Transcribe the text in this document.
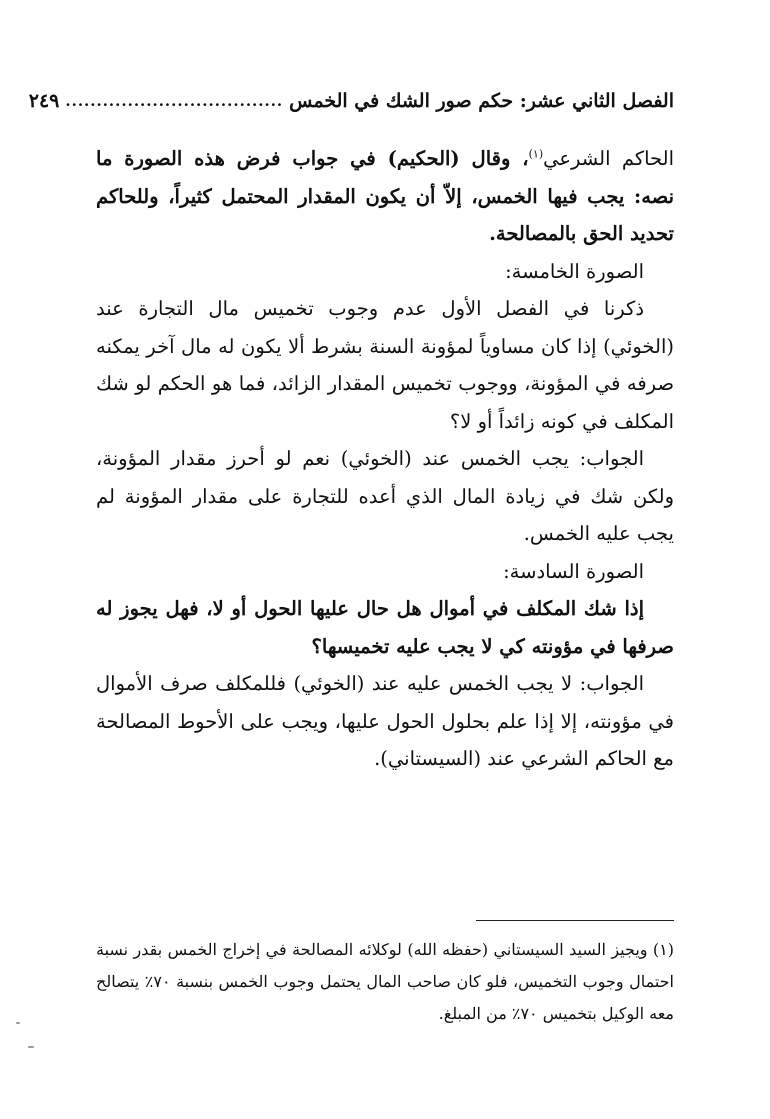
الفصل الثاني عشر: حكم صور الشك في الخمس
...................................
٢٤٩

الحاكم الشرعي$^{(١)}$، وقال (الحكيم) في جواب فرض هذه الصورة ما نصه: يجب فيها الخمس، إلاّ أن يكون المقدار المحتمل كثيراً، وللحاكم تحديد الحق بالمصالحة.

الصورة الخامسة:

ذكرنا في الفصل الأول عدم وجوب تخميس مال التجارة عند (الخوئي) إذا كان مساوياً لمؤونة السنة بشرط ألا يكون له مال آخر يمكنه صرفه في المؤونة، ووجوب تخميس المقدار الزائد، فما هو الحكم لو شك المكلف في كونه زائداً أو لا؟

الجواب: يجب الخمس عند (الخوئي) نعم لو أحرز مقدار المؤونة، ولكن شك في زيادة المال الذي أعده للتجارة على مقدار المؤونة لم يجب عليه الخمس.

الصورة السادسة:

إذا شك المكلف في أموال هل حال عليها الحول أو لا، فهل يجوز له صرفها في مؤونته كي لا يجب عليه تخميسها؟

الجواب: لا يجب الخمس عليه عند (الخوئي) فللمكلف صرف الأموال في مؤونته، إلا إذا علم بحلول الحول عليها، ويجب على الأحوط المصالحة مع الحاكم الشرعي عند (السيستاني).

(١) ويجيز السيد السيستاني (حفظه الله) لوكلائه المصالحة في إخراج الخمس بقدر نسبة احتمال وجوب التخميس، فلو كان صاحب المال يحتمل وجوب الخمس بنسبة ٧٠٪ يتصالح معه الوكيل بتخميس ٧٠٪ من المبلغ.
